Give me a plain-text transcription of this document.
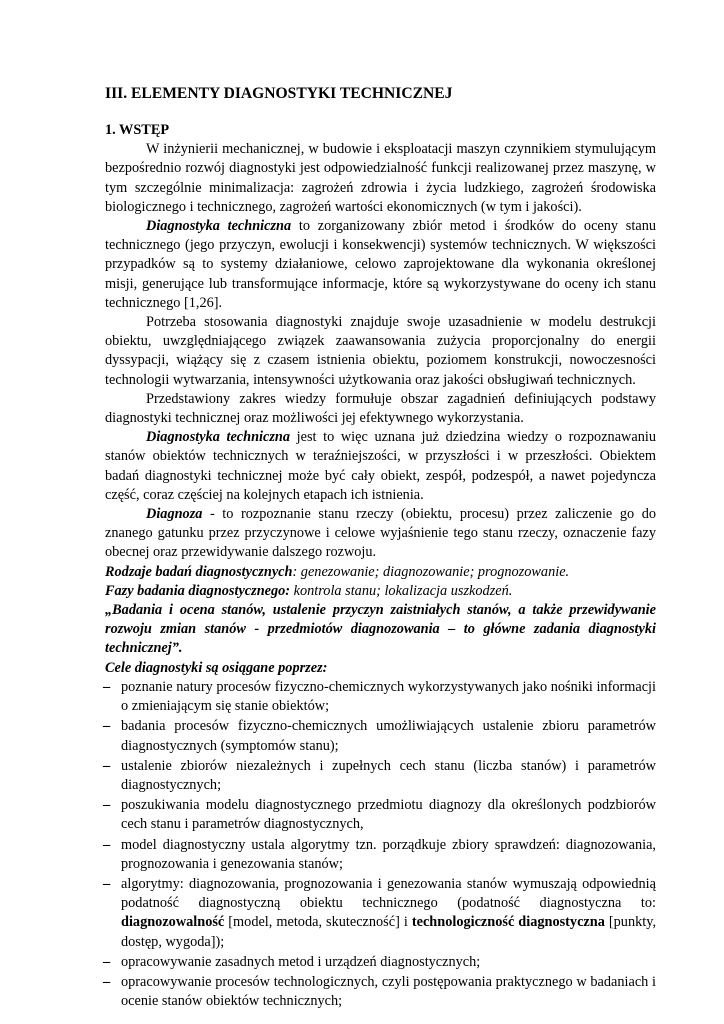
III. ELEMENTY DIAGNOSTYKI TECHNICZNEJ
1. WSTĘP

W inżynierii mechanicznej, w budowie i eksploatacji maszyn czynnikiem stymulującym bezpośrednio rozwój diagnostyki jest odpowiedzialność funkcji realizowanej przez maszynę, w tym szczególnie minimalizacja: zagrożeń zdrowia i życia ludzkiego, zagrożeń środowiska biologicznego i technicznego, zagrożeń wartości ekonomicznych (w tym i jakości).

Diagnostyka techniczna to zorganizowany zbiór metod i środków do oceny stanu technicznego (jego przyczyn, ewolucji i konsekwencji) systemów technicznych. W większości przypadków są to systemy działaniowe, celowo zaprojektowane dla wykonania określonej misji, generujące lub transformujące informacje, które są wykorzystywane do oceny ich stanu technicznego [1,26].

Potrzeba stosowania diagnostyki znajduje swoje uzasadnienie w modelu destrukcji obiektu, uwzględniającego związek zaawansowania zużycia proporcjonalny do energii dyssypacji, wiążący się z czasem istnienia obiektu, poziomem konstrukcji, nowoczesności technologii wytwarzania, intensywności użytkowania oraz jakości obsługiwań technicznych.

Przedstawiony zakres wiedzy formułuje obszar zagadnień definiujących podstawy diagnostyki technicznej oraz możliwości jej efektywnego wykorzystania.

Diagnostyka techniczna jest to więc uznana już dziedzina wiedzy o rozpoznawaniu stanów obiektów technicznych w teraźniejszości, w przyszłości i w przeszłości. Obiektem badań diagnostyki technicznej może być cały obiekt, zespół, podzespół, a nawet pojedyncza część, coraz częściej na kolejnych etapach ich istnienia.

Diagnoza - to rozpoznanie stanu rzeczy (obiektu, procesu) przez zaliczenie go do znanego gatunku przez przyczynowe i celowe wyjaśnienie tego stanu rzeczy, oznaczenie fazy obecnej oraz przewidywanie dalszego rozwoju.

Rodzaje badań diagnostycznych: genezowanie; diagnozowanie; prognozowanie.

Fazy badania diagnostycznego: kontrola stanu; lokalizacja uszkodzeń.

„Badania i ocena stanów, ustalenie przyczyn zaistniałych stanów, a także przewidywanie rozwoju zmian stanów - przedmiotów diagnozowania – to główne zadania diagnostyki technicznej”.

Cele diagnostyki są osiągane poprzez:

– poznanie natury procesów fizyczno-chemicznych wykorzystywanych jako nośniki informacji o zmieniającym się stanie obiektów;
– badania procesów fizyczno-chemicznych umożliwiających ustalenie zbioru parametrów diagnostycznych (symptomów stanu);
– ustalenie zbiorów niezależnych i zupełnych cech stanu (liczba stanów) i parametrów diagnostycznych;
– poszukiwania modelu diagnostycznego przedmiotu diagnozy dla określonych podzbiorów cech stanu i parametrów diagnostycznych,
– model diagnostyczny ustala algorytmy tzn. porządkuje zbiory sprawdzeń: diagnozowania, prognozowania i genezowania stanów;
– algorytmy: diagnozowania, prognozowania i genezowania stanów wymuszają odpowiednią podatność diagnostyczną obiektu technicznego (podatność diagnostyczna to: diagnozowalność [model, metoda, skuteczność] i technologiczność diagnostyczna [punkty, dostęp, wygoda]);
– opracowywanie zasadnych metod i urządzeń diagnostycznych;
– opracowywanie procesów technologicznych, czyli postępowania praktycznego w badaniach i ocenie stanów obiektów technicznych;
